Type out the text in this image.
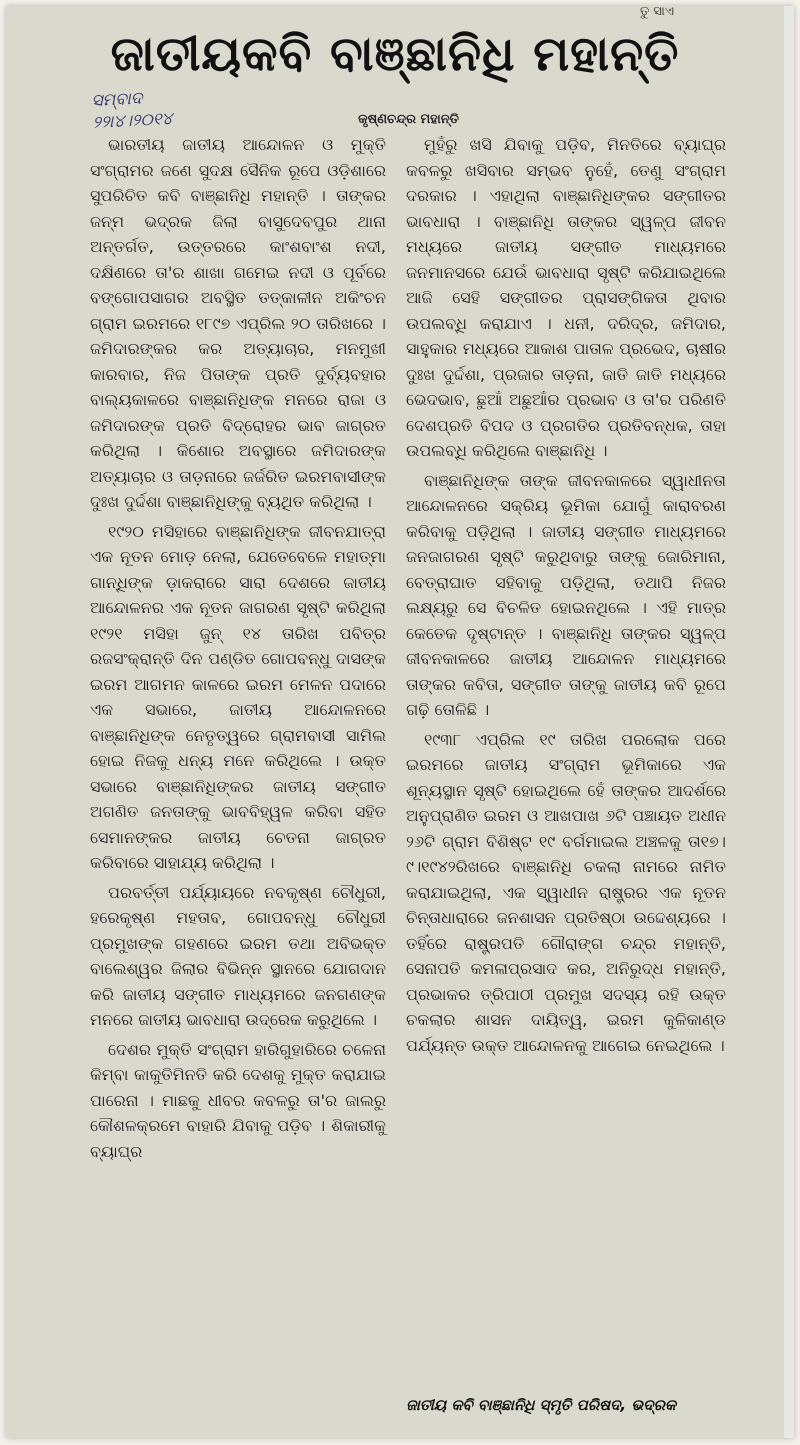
ତୁ ସାଏ
ଜାତୀୟକବି ବାଞ୍ଛାନିଧି ମହାନ୍ତି
ସମ୍ବାଦ
୨୨ା୪।୨୦୧୪	କୃଷ୍ଣଚନ୍ଦ୍ର ମହାନ୍ତି

ଭାରତୀୟ ଜାତୀୟ ଆନ୍ଦୋଳନ ଓ ମୁକ୍ତି ସଂଗ୍ରାମର ଜଣେ ସୁଦକ୍ଷ ସୈନିକ ରୂପେ ଓଡ଼ିଶାରେ ସୁପରିଚିତ କବି ବାଞ୍ଛାନିଧି ମହାନ୍ତି । ତାଙ୍କର ଜନ୍ମ ଭଦ୍ରକ ଜିଲା ବାସୁଦେବପୁର ଥାନା ଅନ୍ତର୍ଗତ, ଉତ୍ତରରେ କାଂଶବାଂଶ ନଦୀ, ଦକ୍ଷିଣରେ ତା'ର ଶାଖା ଗମେଇ ନଦୀ ଓ ପୂର୍ବରେ ବଙ୍ଗୋପସାଗର ଅବସ୍ଥିତ ତତ୍କାଳୀନ ଅକିଂଚନ ଗ୍ରାମ ଇରମରେ ୧୮୯୭ ଏପ୍ରିଲ ୨୦ ତାରିଖରେ । ଜମିଦାରଙ୍କର କର ଅତ୍ୟାଚାର, ମନମୁଖୀ କାରବାର, ନିଜ ପିତାଙ୍କ ପ୍ରତି ଦୁର୍ବ୍ୟବହାର ବାଲ୍ୟକାଳରେ ବାଞ୍ଛାନିଧିଙ୍କ ମନରେ ରାଜା ଓ ଜମିଦାରଙ୍କ ପ୍ରତି ବିଦ୍ରୋହର ଭାବ ଜାଗ୍ରତ କରିଥିଲା । କିଶୋର ଅବସ୍ଥାରେ ଜମିଦାରଙ୍କ ଅତ୍ୟାଚାର ଓ ତାଡ଼ନାରେ ଜର୍ଜରିତ ଇରମବାସୀଙ୍କ ଦୁଃଖ ଦୁର୍ଦ୍ଦଶା ବାଞ୍ଛାନିଧିଙ୍କୁ ବ୍ୟଥିତ କରିଥିଲା ।

୧୯୨୦ ମସିହାରେ ବାଞ୍ଛାନିଧିଙ୍କ ଜୀବନଯାତ୍ରା ଏକ ନୂତନ ମୋଡ଼ ନେଲା, ଯେତେବେଳେ ମହାତ୍ମା ଗାନ୍ଧିଙ୍କ ଡ଼ାକରାରେ ସାରା ଦେଶରେ ଜାତୀୟ ଆନ୍ଦୋଳନର ଏକ ନୂତନ ଜାଗରଣ ସୃଷ୍ଟି କରିଥିଲା ୧୯୨୧ ମସିହା ଜୁନ୍ ୧୪ ତାରିଖ ପବିତ୍ର ରଜସଂକ୍ରାନ୍ତି ଦିନ ପଣ୍ଡିତ ଗୋପବନ୍ଧୁ ଦାସଙ୍କ ଇରମ ଆଗମନ କାଳରେ ଇରମ ମେଳନ ପଦାରେ ଏକ ସଭାରେ, ଜାତୀୟ ଆନ୍ଦୋଳନରେ ବାଞ୍ଛାନିଧିଙ୍କ ନେତୃତ୍ୱରେ ଗ୍ରାମବାସୀ ସାମିଲ ହୋଇ ନିଜକୁ ଧନ୍ୟ ମନେ କରିଥିଲେ । ଉକ୍ତ ସଭାରେ ବାଞ୍ଛାନିଧିଙ୍କର ଜାତୀୟ ସଙ୍ଗୀତ ଅଗଣିତ ଜନତାଙ୍କୁ ଭାବବିହ୍ୱଳ କରିବା ସହିତ ସେମାନଙ୍କର ଜାତୀୟ ଚେତନା ଜାଗ୍ରତ କରିବାରେ ସାହାଯ୍ୟ କରିଥିଲା ।

ପରବର୍ତ୍ତୀ ପର୍ଯ୍ୟାୟରେ ନବକୃଷ୍ଣ ଚୌଧୁରୀ, ହରେକୃଷ୍ଣ ମହତାବ, ଗୋପବନ୍ଧୁ ଚୌଧୁରୀ ପ୍ରମୁଖଙ୍କ ଗହଣରେ ଇରମ ତଥା ଅବିଭକ୍ତ ବାଲେଶ୍ୱର ଜିଲାର ବିଭିନ୍ନ ସ୍ଥାନରେ ଯୋଗଦାନ କରି ଜାତୀୟ ସଙ୍ଗୀତ ମାଧ୍ୟମରେ ଜନଗଣଙ୍କ ମନରେ ଜାତୀୟ ଭାବଧାରା ଉଦ୍ରେକ କରୁଥିଲେ ।

ଦେଶର ମୁକ୍ତି ସଂଗ୍ରାମ ହାରିଗୁହାରିରେ ଚଳେନା କିମ୍ବା କାକୁତିମିନତି କରି ଦେଶକୁ ମୁକ୍ତ କରାଯାଇ ପାରେନା । ମାଛକୁ ଧୀବର କବଳରୁ ତା'ର ଜାଲରୁ କୌଶଳକ୍ରମେ ବାହାରି ଯିବାକୁ ପଡ଼ିବ । ଶିକାରୀକୁ ବ୍ୟାଘ୍ର

ମୁହଁରୁ ଖସି ଯିବାକୁ ପଡ଼ିବ, ମିନତିରେ ବ୍ୟାଘ୍ର କବଳରୁ ଖସିବାର ସମ୍ଭବ ନୁହେଁ, ତେଣୁ ସଂଗ୍ରାମ ଦରକାର । ଏହାଥିଲା ବାଞ୍ଛାନିଧିଙ୍କର ସଙ୍ଗୀତର ଭାବଧାରା । ବାଞ୍ଛାନିଧି ତାଙ୍କର ସ୍ୱଳ୍ପ ଜୀବନ ମଧ୍ୟରେ ଜାତୀୟ ସଙ୍ଗୀତ ମାଧ୍ୟମରେ ଜନମାନସରେ ଯେଉଁ ଭାବଧାରା ସୃଷ୍ଟି କରିଯାଇଥିଲେ ଆଜି ସେହି ସଙ୍ଗୀତର ପ୍ରାସଙ୍ଗିକତା ଥିବାର ଉପଲବ୍ଧି କରାଯାଏ । ଧନୀ, ଦରିଦ୍ର, ଜମିଦାର, ସାହୁକାର ମଧ୍ୟରେ ଆକାଶ ପାତାଳ ପ୍ରଭେଦ, ଚାଷୀର ଦୁଃଖ ଦୁର୍ଦ୍ଦଶା, ପ୍ରଜାର ତାଡ଼ନା, ଜାତି ଜାତି ମଧ୍ୟରେ ଭେଦଭାବ, ଛୁଆଁ ଅଛୁଆଁର ପ୍ରଭାବ ଓ ତା'ର ପରିଣତି ଦେଶପ୍ରତି ବିପଦ ଓ ପ୍ରଗତିର ପ୍ରତିବନ୍ଧକ, ତାହା ଉପଲବ୍ଧି କରିଥିଲେ ବାଞ୍ଛାନିଧି ।

ବାଞ୍ଛାନିଧିଙ୍କ ତାଙ୍କ ଜୀବନକାଳରେ ସ୍ୱାଧୀନତା ଆନ୍ଦୋଳନରେ ସକ୍ରିୟ ଭୂମିକା ଯୋଗୁଁ କାରାବରଣ କରିବାକୁ ପଡ଼ିଥିଲା । ଜାତୀୟ ସଙ୍ଗୀତ ମାଧ୍ୟମରେ ଜନଜାଗରଣ ସୃଷ୍ଟି କରୁଥିବାରୁ ତାଙ୍କୁ ଜୋରିମାନା, ବେତ୍ରାଘାତ ସହିବାକୁ ପଡ଼ିଥିଲା, ତଥାପି ନିଜର ଲକ୍ଷ୍ୟରୁ ସେ ବିଚଳିତ ହୋଇନଥିଲେ । ଏହି ମାତ୍ର କେତେକ ଦୃଷ୍ଟାନ୍ତ । ବାଞ୍ଛାନିଧି ତାଙ୍କର ସ୍ୱଳ୍ପ ଜୀବନକାଳରେ ଜାତୀୟ ଆନ୍ଦୋଳନ ମାଧ୍ୟମରେ ତାଙ୍କର କବିତା, ସଙ୍ଗୀତ ତାଙ୍କୁ ଜାତୀୟ କବି ରୂପେ ଗଢ଼ି ତୋଳିଛି ।

୧୯୩୮ ଏପ୍ରିଲ ୧୯ ତାରିଖ ପରଲୋକ ପରେ ଇରମରେ ଜାତୀୟ ସଂଗ୍ରାମ ଭୂମିକାରେ ଏକ ଶୂନ୍ୟସ୍ଥାନ ସୃଷ୍ଟି ହୋଇଥିଲେ ହେଁ ତାଙ୍କର ଆଦର୍ଶରେ ଅନୁପ୍ରାଣିତ ଇରମ ଓ ଆଖପାଖ ୬ଟି ପଞ୍ଚାୟତ ଅଧୀନ ୨୬ଟି ଗ୍ରାମ ବିଶିଷ୍ଟ ୧୯ ବର୍ଗମାଇଲ ଅଞ୍ଚଳକୁ ତା୧୭।୯।୧୯୪୨ରିଖରେ ବାଞ୍ଛାନିଧି ଚକଲା ନାମରେ ନାମିତ କରାଯାଇଥିଲା, ଏକ ସ୍ୱାଧୀନ ରାଷ୍ଟ୍ରର ଏକ ନୂତନ ଚିନ୍ତାଧାରାରେ ଜନଶାସନ ପ୍ରତିଷ୍ଠା ଉଦ୍ଦେଶ୍ୟରେ । ତହିଁରେ ରାଷ୍ଟ୍ରପତି ଗୌରାଙ୍ଗ ଚନ୍ଦ୍ର ମହାନ୍ତି, ସେନାପତି କମଳାପ୍ରସାଦ କର, ଅନିରୁଦ୍ଧ ମହାନ୍ତି, ପ୍ରଭାକର ତ୍ରିପାଠୀ ପ୍ରମୁଖ ସଦସ୍ୟ ରହି ଉକ୍ତ ଚକଲାର ଶାସନ ଦାୟିତ୍ୱ, ଇରମ କୁଳିକାଣ୍ଡ ପର୍ଯ୍ୟନ୍ତ ଉକ୍ତ ଆନ୍ଦୋଳନକୁ ଆଗେଇ ନେଇଥିଲେ ।

ଜାତୀୟ କବି ବାଞ୍ଛାନିଧି ସ୍ମୃତି ପରିଷଦ, ଭଦ୍ରକ
